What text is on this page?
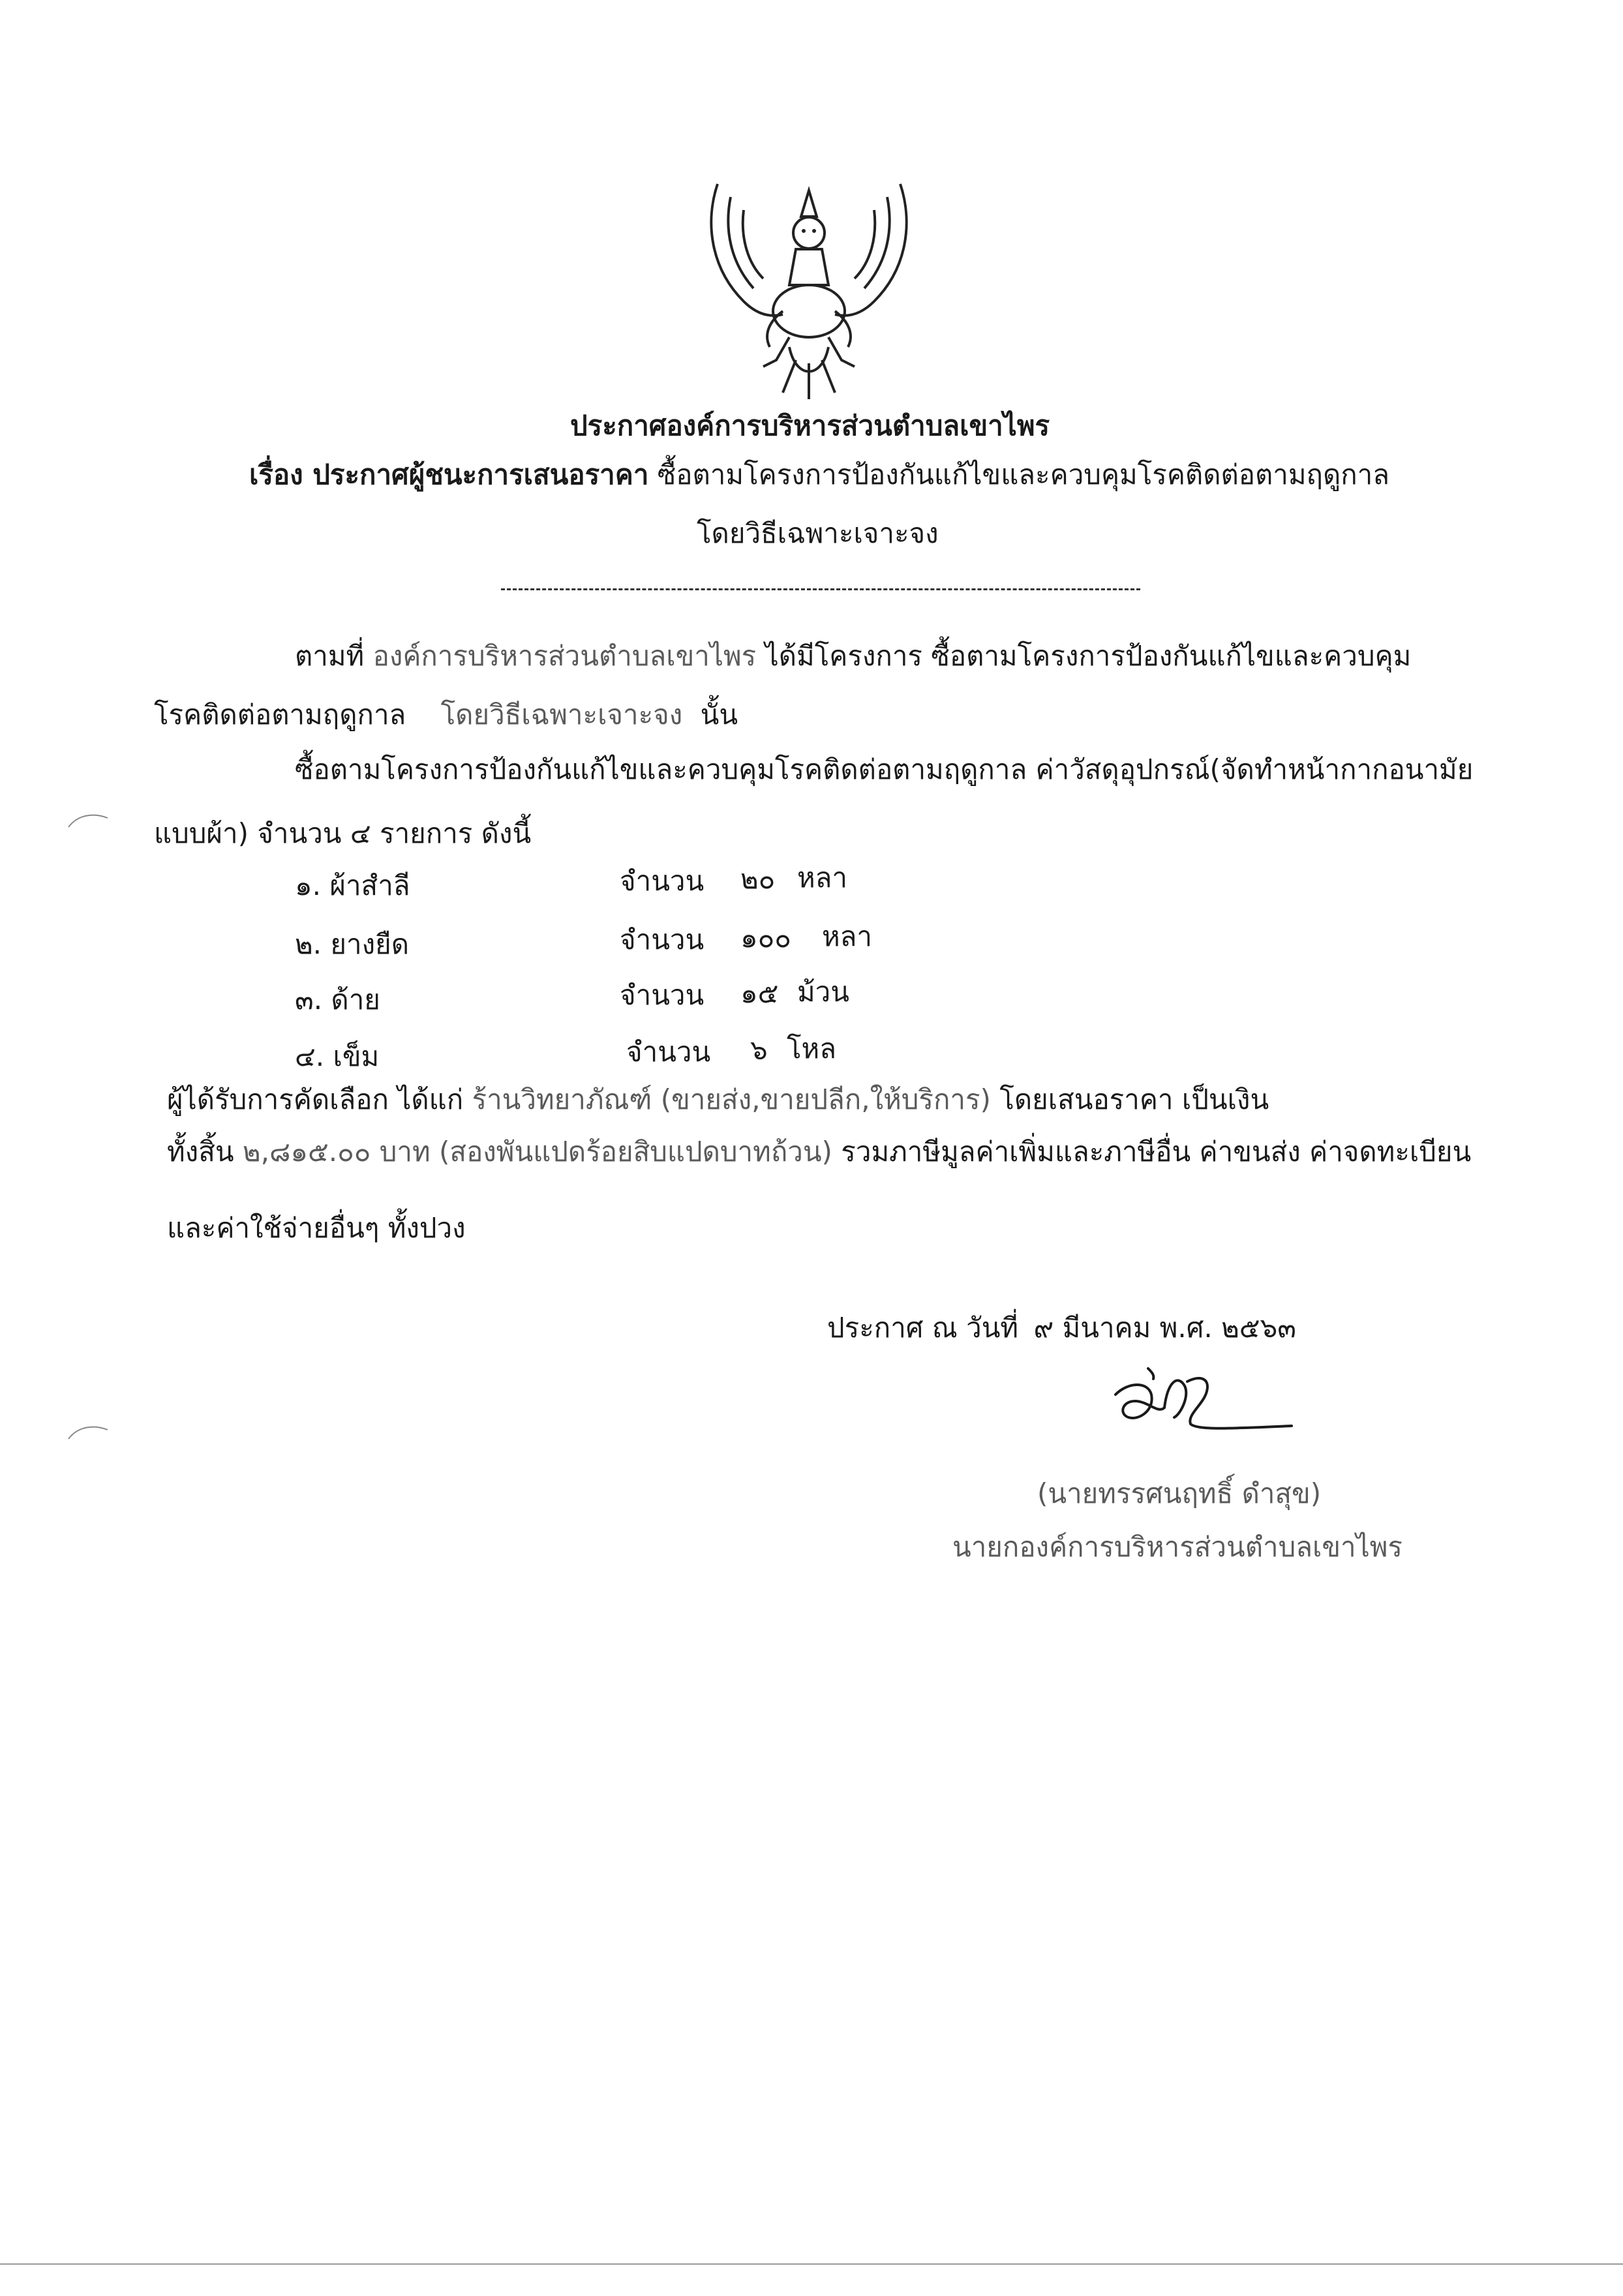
ประกาศองค์การบริหารส่วนตำบลเขาไพร
เรื่อง ประกาศผู้ชนะการเสนอราคา ซื้อตามโครงการป้องกันแก้ไขและควบคุมโรคติดต่อตามฤดูกาล
โดยวิธีเฉพาะเจาะจง
ตามที่ องค์การบริหารส่วนตำบลเขาไพร ได้มีโครงการ ซื้อตามโครงการป้องกันแก้ไขและควบคุม
โรคติดต่อตามฤดูกาล โดยวิธีเฉพาะเจาะจง นั้น
ซื้อตามโครงการป้องกันแก้ไขและควบคุมโรคติดต่อตามฤดูกาล ค่าวัสดุอุปกรณ์(จัดทำหน้ากากอนามัย
แบบผ้า) จำนวน ๔ รายการ ดังนี้
๑. ผ้าสำลี	จำนวน ๒๐ หลา
๒. ยางยืด	จำนวน ๑๐๐ หลา
๓. ด้าย	จำนวน ๑๕ ม้วน
๔. เข็ม	จำนวน ๖ โหล
ผู้ได้รับการคัดเลือก ได้แก่ ร้านวิทยาภัณฑ์ (ขายส่ง,ขายปลีก,ให้บริการ) โดยเสนอราคา เป็นเงิน
ทั้งสิ้น ๒,๘๑๕.๐๐ บาท (สองพันแปดร้อยสิบแปดบาทถ้วน) รวมภาษีมูลค่าเพิ่มและภาษีอื่น ค่าขนส่ง ค่าจดทะเบียน
และค่าใช้จ่ายอื่นๆ ทั้งปวง
ประกาศ ณ วันที่ ๙ มีนาคม พ.ศ. ๒๕๖๓
(นายทรรศนฤทธิ์ ดำสุข)
นายกองค์การบริหารส่วนตำบลเขาไพร
